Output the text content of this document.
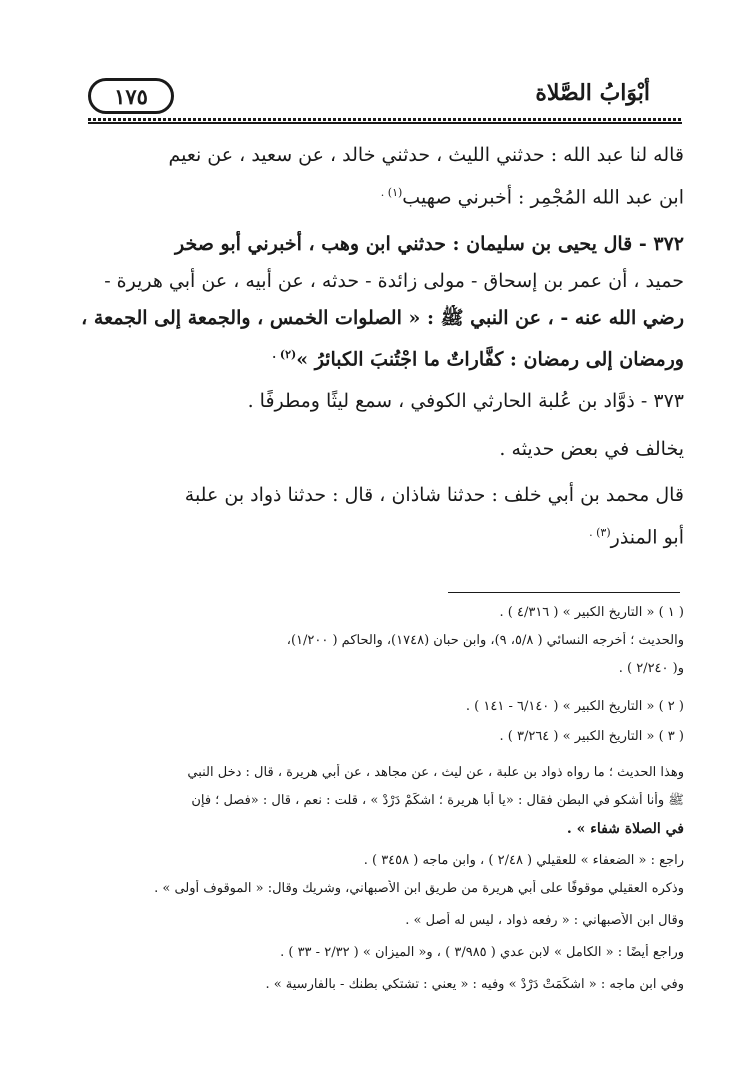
أبْوَابُ الصَّلاة
١٧٥
قاله لنا عبد الله : حدثني الليث ، حدثني خالد ، عن سعيد ، عن نعيم
ابن عبد الله المُجْمِر : أخبرني صهيب$^{(١) .}$
٣٧٢ - قال يحيى بن سليمان : حدثني ابن وهب ، أخبرني أبو صخر
حميد ، أن عمر بن إسحاق - مولى زائدة - حدثه ، عن أبيه ، عن أبي هريرة -
رضي الله عنه - ، عن النبي ﷺ : « الصلوات الخمس ، والجمعة إلى الجمعة ،
ورمضان إلى رمضان : كفَّاراتٌ ما اجْتُنبَ الكبائرُ »$^{(٢) .}$
٣٧٣ - ذوَّاد بن عُلبة الحارثي الكوفي ، سمع ليثًا ومطرفًا .
يخالف في بعض حديثه .
قال محمد بن أبي خلف : حدثنا شاذان ، قال : حدثنا ذواد بن علبة
أبو المنذر$^{(٣) .}$
( ١ ) « التاريخ الكبير » ( ٤/٣١٦ ) .
والحديث ؛ أخرجه النسائي ( ٥/٨، ٩)، وابن حبان (١٧٤٨)، والحاكم ( ١/٢٠٠)،
و( ٢/٢٤٠ ) .
( ٢ ) « التاريخ الكبير » ( ٦/١٤٠ - ١٤١ ) .
( ٣ ) « التاريخ الكبير » ( ٣/٢٦٤ ) .
وهذا الحديث ؛ ما رواه ذواد بن علبة ، عن ليث ، عن مجاهد ، عن أبي هريرة ، قال : دخل النبي
ﷺ وأنا أشكو في البطن فقال : «يا أبا هريرة ؛ اشكَمْ دَرْدْ » ، قلت : نعم ، قال : «فصل ؛ فإن
في الصلاة شفاء » .
راجع : « الضعفاء » للعقيلي ( ٢/٤٨ ) ، وابن ماجه ( ٣٤٥٨ ) .
وذكره العقيلي موقوفًا على أبي هريرة من طريق ابن الأصبهاني، وشريك وقال: « الموقوف أولى » .
وقال ابن الأصبهاني : « رفعه ذواد ، ليس له أصل » .
وراجع أيضًا : « الكامل » لابن عدي ( ٣/٩٨٥ ) ، و« الميزان » ( ٢/٣٢ - ٣٣ ) .
وفي ابن ماجه : « اشكَمَتْ دَرْدْ » وفيه : « يعني : تشتكي بطنك - بالفارسية » .
